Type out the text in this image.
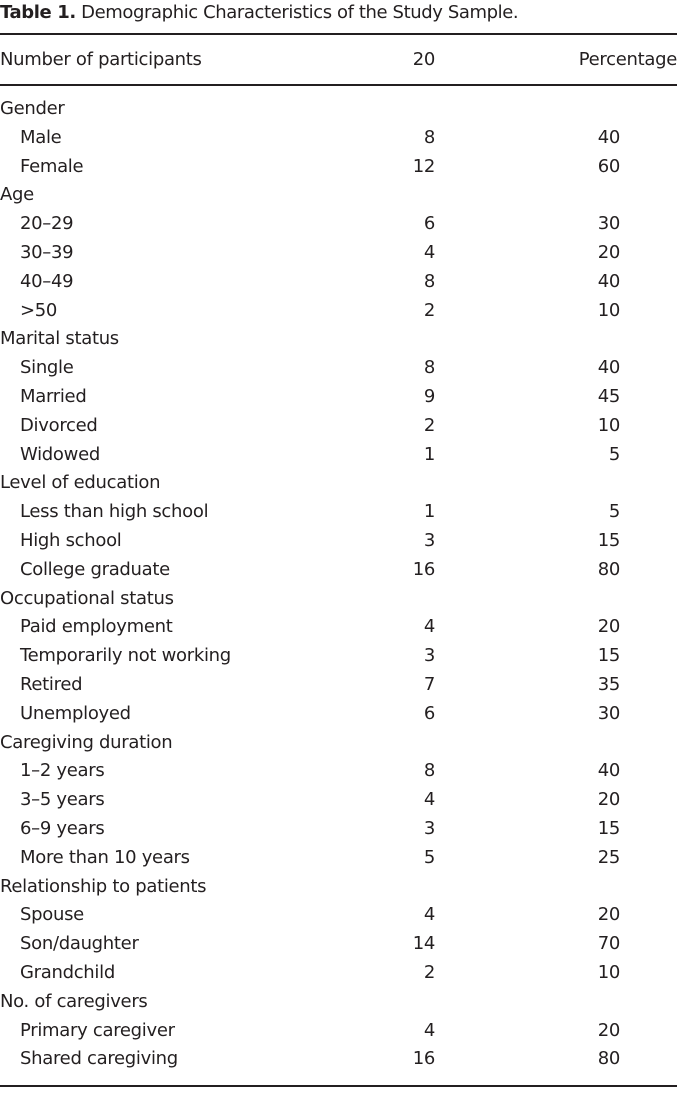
Table 1. Demographic Characteristics of the Study Sample.
Number of participants	20	Percentage
Gender
Male	8	40
Female	12	60
Age
20–29	6	30
30–39	4	20
40–49	8	40
>50	2	10
Marital status
Single	8	40
Married	9	45
Divorced	2	10
Widowed	1	5
Level of education
Less than high school	1	5
High school	3	15
College graduate	16	80
Occupational status
Paid employment	4	20
Temporarily not working	3	15
Retired	7	35
Unemployed	6	30
Caregiving duration
1–2 years	8	40
3–5 years	4	20
6–9 years	3	15
More than 10 years	5	25
Relationship to patients
Spouse	4	20
Son/daughter	14	70
Grandchild	2	10
No. of caregivers
Primary caregiver	4	20
Shared caregiving	16	80
